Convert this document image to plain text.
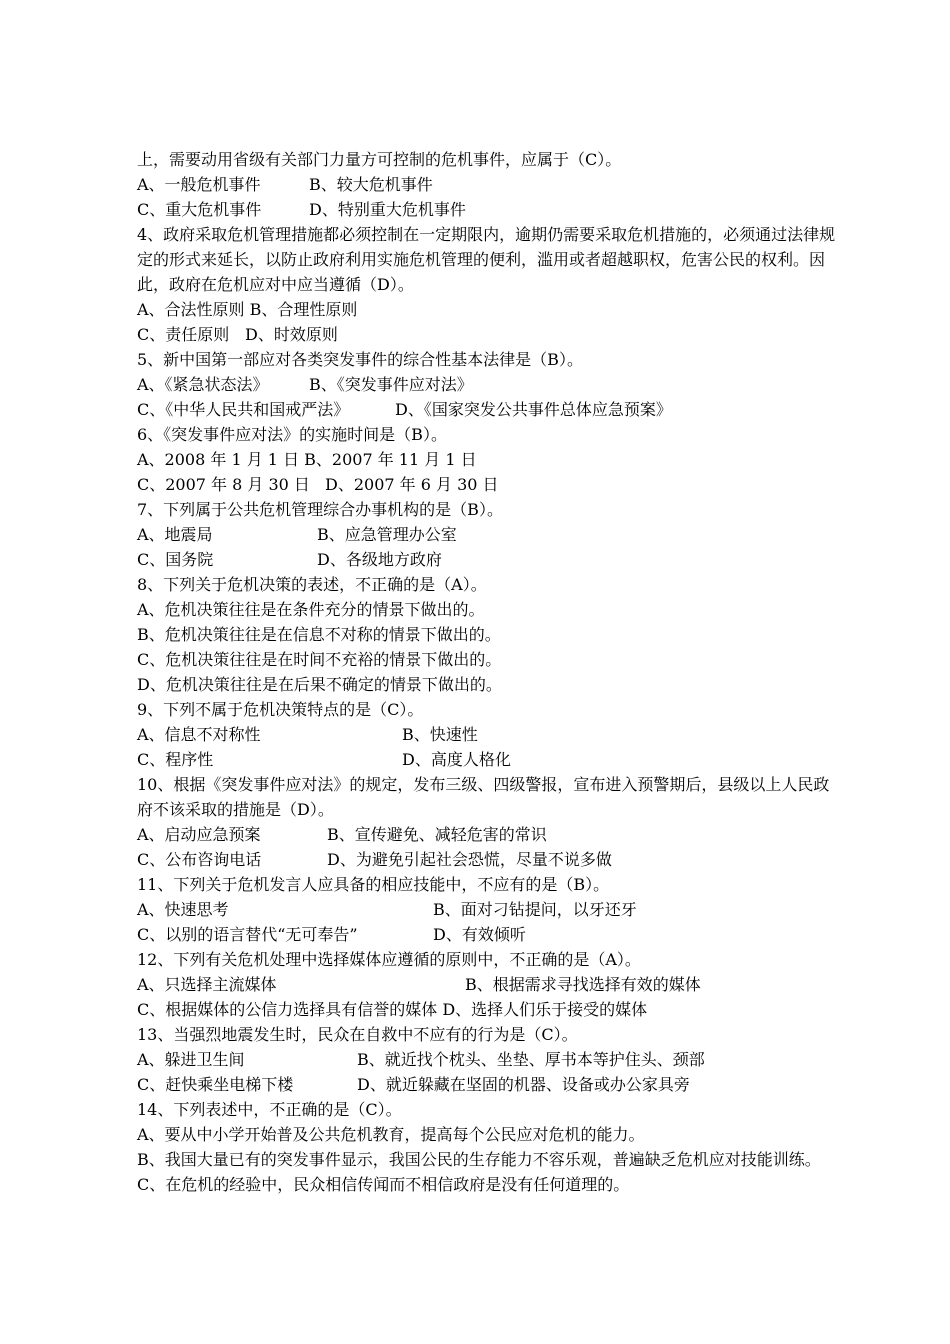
上，需要动用省级有关部门力量方可控制的危机事件，应属于（C）。
A、一般危机事件	B、较大危机事件
C、重大危机事件	D、特别重大危机事件
4、政府采取危机管理措施都必须控制在一定期限内，逾期仍需要采取危机措施的，必须通过法律规定的形式来延长，以防止政府利用实施危机管理的便利，滥用或者超越职权，危害公民的权利。因此，政府在危机应对中应当遵循（D）。
A、合法性原则 B、合理性原则
C、责任原则 D、时效原则
5、新中国第一部应对各类突发事件的综合性基本法律是（B）。
A、《紧急状态法》	B、《突发事件应对法》
C、《中华人民共和国戒严法》	D、《国家突发公共事件总体应急预案》
6、《突发事件应对法》的实施时间是（B）。
A、2008 年 1 月 1 日 B、2007 年 11 月 1 日
C、2007 年 8 月 30 日 D、2007 年 6 月 30 日
7、下列属于公共危机管理综合办事机构的是（B）。
A、地震局	B、应急管理办公室
C、国务院	D、各级地方政府
8、下列关于危机决策的表述，不正确的是（A）。
A、危机决策往往是在条件充分的情景下做出的。
B、危机决策往往是在信息不对称的情景下做出的。
C、危机决策往往是在时间不充裕的情景下做出的。
D、危机决策往往是在后果不确定的情景下做出的。
9、下列不属于危机决策特点的是（C）。
A、信息不对称性	B、快速性
C、程序性	D、高度人格化
10、根据《突发事件应对法》的规定，发布三级、四级警报，宣布进入预警期后，县级以上人民政府不该采取的措施是（D）。
A、启动应急预案	B、宣传避免、减轻危害的常识
C、公布咨询电话	D、为避免引起社会恐慌，尽量不说多做
11、下列关于危机发言人应具备的相应技能中，不应有的是（B）。
A、快速思考	B、面对刁钻提问，以牙还牙
C、以别的语言替代“无可奉告”	D、有效倾听
12、下列有关危机处理中选择媒体应遵循的原则中，不正确的是（A）。
A、只选择主流媒体	B、根据需求寻找选择有效的媒体
C、根据媒体的公信力选择具有信誉的媒体 D、选择人们乐于接受的媒体
13、当强烈地震发生时，民众在自救中不应有的行为是（C）。
A、躲进卫生间	B、就近找个枕头、坐垫、厚书本等护住头、颈部
C、赶快乘坐电梯下楼	D、就近躲藏在坚固的机器、设备或办公家具旁
14、下列表述中，不正确的是（C）。
A、要从中小学开始普及公共危机教育，提高每个公民应对危机的能力。
B、我国大量已有的突发事件显示，我国公民的生存能力不容乐观，普遍缺乏危机应对技能训练。
C、在危机的经验中，民众相信传闻而不相信政府是没有任何道理的。
